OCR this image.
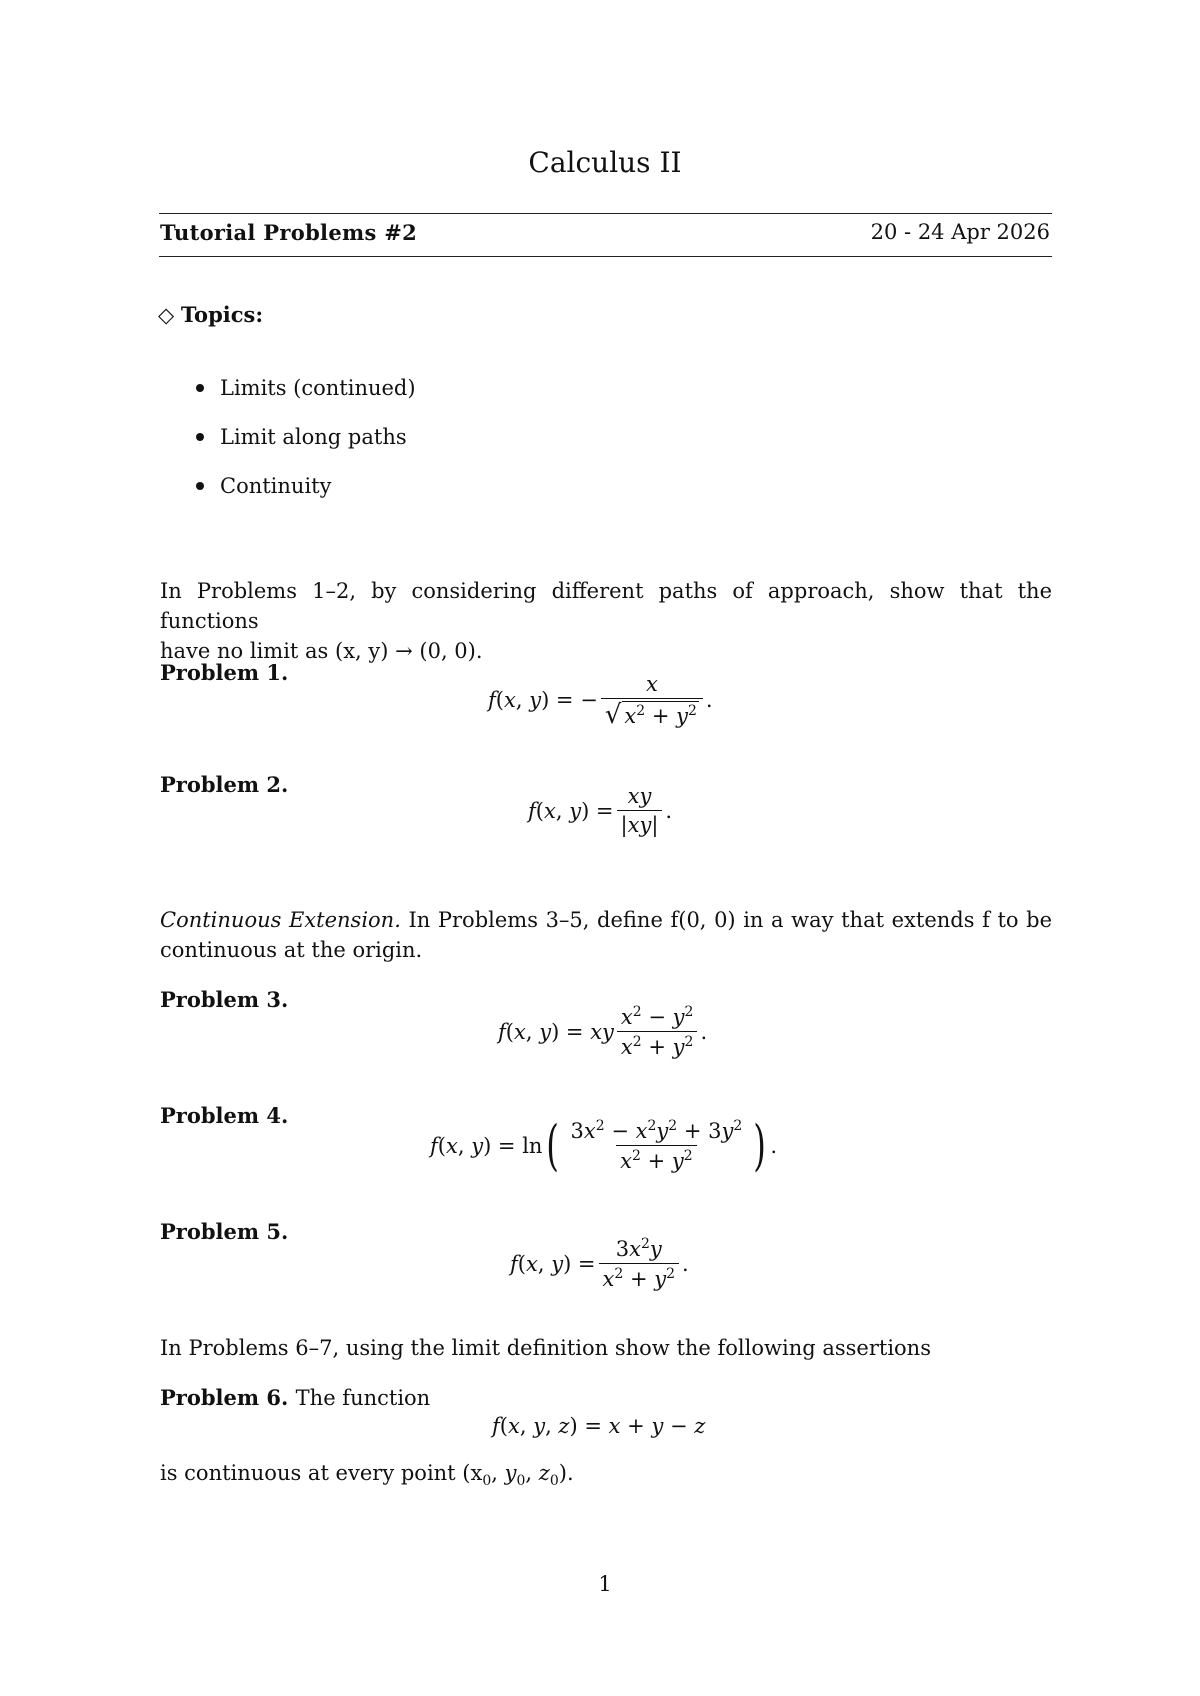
Calculus II
Tutorial Problems #2	20 - 24 Apr 2026
◇ Topics:
Limits (continued)
Limit along paths
Continuity
In Problems 1–2, by considering different paths of approach, show that the functions
have no limit as (x, y) → (0, 0).
Problem 1.
f ( x , y ) = − $\frac{x}{√ x^2 + y^2}$ .
Problem 2.
f ( x , y ) = $\frac{xy}{|xy|}$ .
Continuous Extension. In Problems 3–5, define f(0, 0) in a way that extends f to be
continuous at the origin.
Problem 3.
f ( x , y ) = xy $\frac{x^2 - y^2}{x^2 + y^2}$ .
Problem 4.
f ( x , y ) = ln ( $\frac{3x^2 - x^2y^2 + 3y^2}{x^2 + y^2}$ ) .
Problem 5.
f ( x , y ) = $\frac{3x^2y}{x^2 + y^2}$ .
In Problems 6–7, using the limit definition show the following assertions
Problem 6. The function
f ( x , y , z ) = x + y − z
is continuous at every point ($x_0$, $y_0$, $z_0$).
1
